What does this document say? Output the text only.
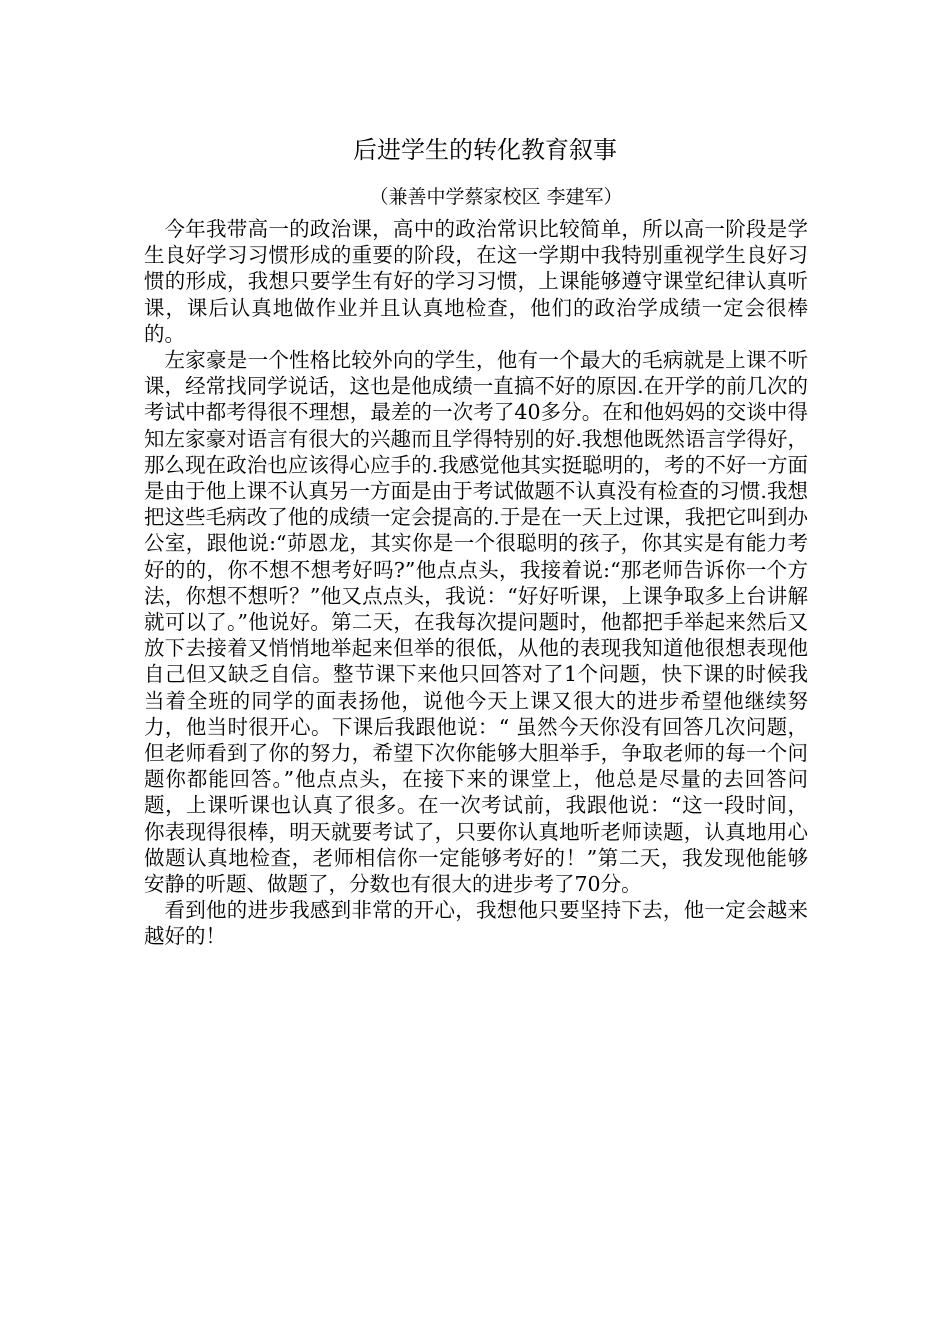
后进学生的转化教育叙事
（兼善中学蔡家校区 李建军）

今年我带高一的政治课，高中的政治常识比较简单，所以高一阶段是学生良好学习习惯形成的重要的阶段，在这一学期中我特别重视学生良好习惯的形成，我想只要学生有好的学习习惯，上课能够遵守课堂纪律认真听课，课后认真地做作业并且认真地检查，他们的政治学成绩一定会很棒的。

左家豪是一个性格比较外向的学生，他有一个最大的毛病就是上课不听课，经常找同学说话，这也是他成绩一直搞不好的原因.在开学的前几次的考试中都考得很不理想，最差的一次考了40多分。在和他妈妈的交谈中得知左家豪对语言有很大的兴趣而且学得特别的好.我想他既然语言学得好，那么现在政治也应该得心应手的.我感觉他其实挺聪明的，考的不好一方面是由于他上课不认真另一方面是由于考试做题不认真没有检查的习惯.我想把这些毛病改了他的成绩一定会提高的.于是在一天上过课，我把它叫到办公室，跟他说:“茆恩龙，其实你是一个很聪明的孩子，你其实是有能力考好的的，你不想不想考好吗?”他点点头，我接着说:“那老师告诉你一个方法，你想不想听？”他又点点头，我说：“好好听课，上课争取多上台讲解就可以了。”他说好。第二天，在我每次提问题时，他都把手举起来然后又放下去接着又悄悄地举起来但举的很低，从他的表现我知道他很想表现他自己但又缺乏自信。整节课下来他只回答对了1个问题，快下课的时候我当着全班的同学的面表扬他，说他今天上课又很大的进步希望他继续努力，他当时很开心。下课后我跟他说：“ 虽然今天你没有回答几次问题，但老师看到了你的努力，希望下次你能够大胆举手，争取老师的每一个问题你都能回答。”他点点头，在接下来的课堂上，他总是尽量的去回答问题，上课听课也认真了很多。在一次考试前，我跟他说：“这一段时间，你表现得很棒，明天就要考试了，只要你认真地听老师读题，认真地用心做题认真地检查，老师相信你一定能够考好的！”第二天，我发现他能够安静的听题、做题了，分数也有很大的进步考了70分。

看到他的进步我感到非常的开心，我想他只要坚持下去，他一定会越来越好的！
